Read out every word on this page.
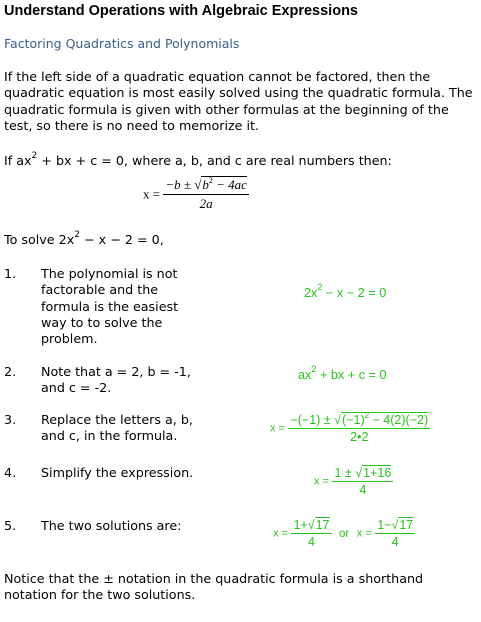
Understand Operations with Algebraic Expressions
Factoring Quadratics and Polynomials
If the left side of a quadratic equation cannot be factored, then the quadratic equation is most easily solved using the quadratic formula. The quadratic formula is given with other formulas at the beginning of the test, so there is no need to memorize it.
If $ax^2$ + bx + c = 0, where a, b, and c are real numbers then:
$x = \frac{-b \pm √b^2 - 4ac}{2a}$
To solve $2x^2 - x - 2 = 0$,
1. The polynomial is not factorable and the formula is the easiest way to to solve the problem.
2. Note that a = 2, b = -1, and c = -2.
3. Replace the letters a, b, and c, in the formula.
4. Simplify the expression.
5. The two solutions are:
$2x^2 - x - 2 = 0$
$ax^2$ + bx + c = 0
$x = \frac{-(-1) \pm √(-1)^2 - 4(2)(-2)}{2•2}$
$x = \frac{1 \pm √1+16}{4}$
$x = \frac{1+√17}{4}$ or $x = \frac{1-√17}{4}$
Notice that the ± notation in the quadratic formula is a shorthand notation for the two solutions.
